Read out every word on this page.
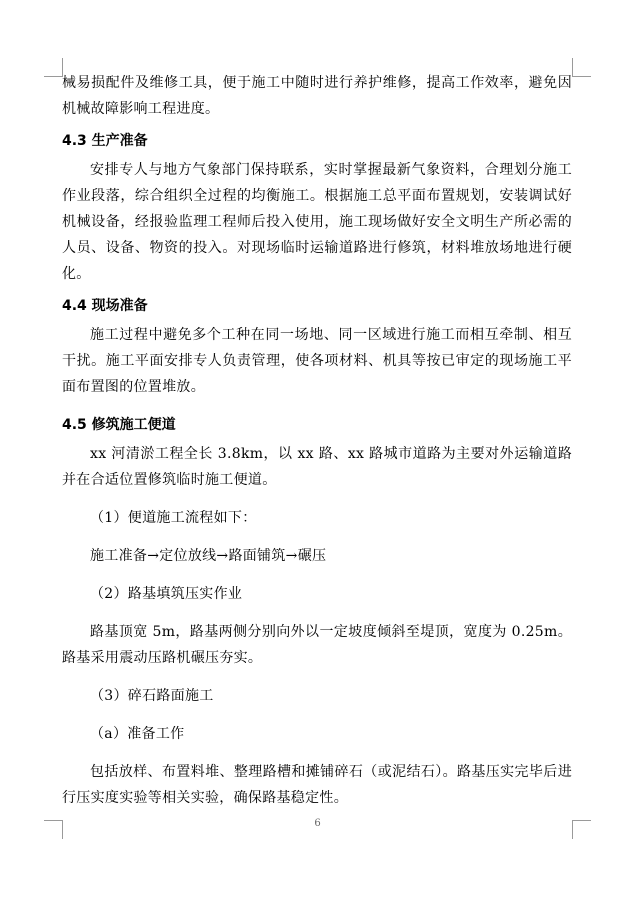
械易损配件及维修工具，便于施工中随时进行养护维修，提高工作效率，避免因机械故障影响工程进度。

4.3 生产准备

安排专人与地方气象部门保持联系，实时掌握最新气象资料，合理划分施工作业段落，综合组织全过程的均衡施工。根据施工总平面布置规划，安装调试好机械设备，经报验监理工程师后投入使用，施工现场做好安全文明生产所必需的人员、设备、物资的投入。对现场临时运输道路进行修筑，材料堆放场地进行硬化。

4.4 现场准备

施工过程中避免多个工种在同一场地、同一区域进行施工而相互牵制、相互干扰。施工平面安排专人负责管理，使各项材料、机具等按已审定的现场施工平面布置图的位置堆放。

4.5 修筑施工便道

xx 河清淤工程全长 3.8km，以 xx 路、xx 路城市道路为主要对外运输道路并在合适位置修筑临时施工便道。

（1）便道施工流程如下：

施工准备→定位放线→路面铺筑→碾压

（2）路基填筑压实作业

路基顶宽 5m，路基两侧分别向外以一定坡度倾斜至堤顶，宽度为 0.25m。路基采用震动压路机碾压夯实。

（3）碎石路面施工

（a）准备工作

包括放样、布置料堆、整理路槽和摊铺碎石（或泥结石）。路基压实完毕后进行压实度实验等相关实验，确保路基稳定性。

6
